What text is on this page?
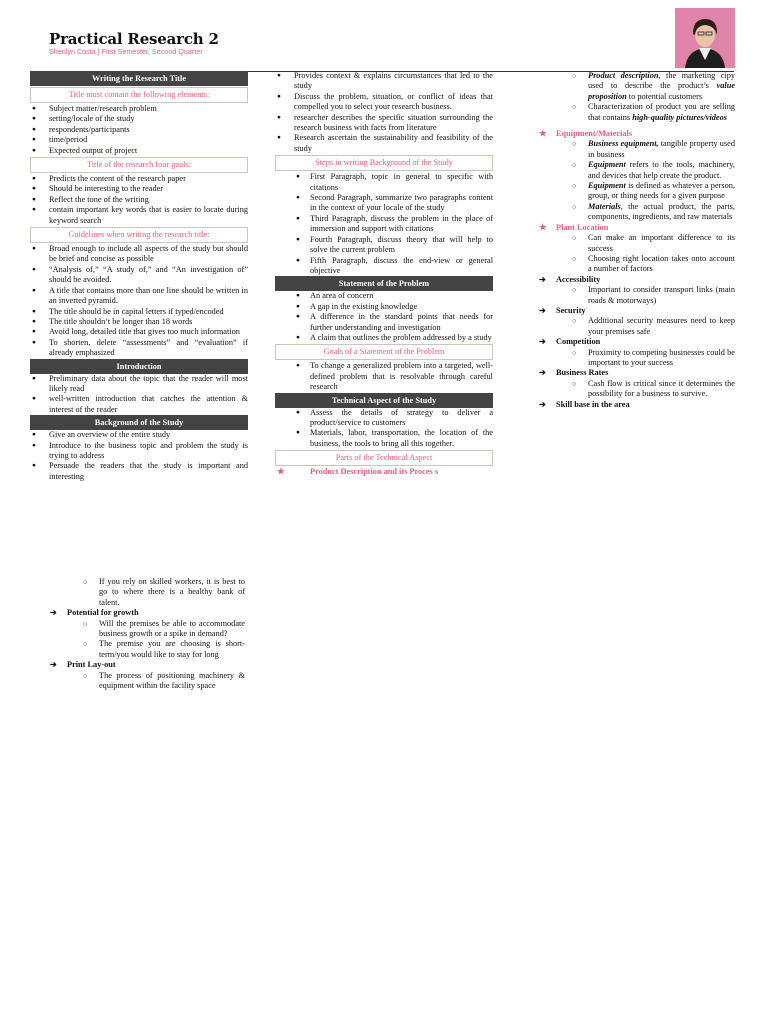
Practical Research 2
Sherilyn Costa | First Semester, Second Quarter
Writing the Research Title
Title must contain the following elements:
● Subject matter/research problem
● setting/locale of the study
● respondents/participants
● time/period
● Expected output of project
Title of the research four goals:
● Predicts the content of the research paper
● Should be interesting to the reader
● Reflect the tone of the writing
● contain important key words that is easier to locate during keyword search
Guidelines when writing the research title:
● Broad enough to include all aspects of the study but should be brief and concise as possible
● “Analysis of,” “A study of,” and “An investigation of” should be avoided.
● A title that contains more than one line should be written in an inverted pyramid.
● The title should be in capital letters if typed/encoded
● The title shouldn’t be longer than 18 words
● Avoid long, detailed title that gives too much information
● To shorten, delete “assessments” and “evaluation” if already emphasized
Introduction
● Preliminary data about the topic that the reader will most likely read
● well-written introduction that catches the attention & interest of the reader
Background of the Study
● Give an overview of the entire study
● Introduce to the business topic and problem the study is trying to address
● Persuade the readers that the study is important and interesting
● Provides context & explains circumstances that led to the study
● Discuss the problem, situation, or conflict of ideas that compelled you to select your research business.
● researcher describes the specific situation surrounding the research business with facts from literature
● Research ascertain the sustainability and feasibility of the study
Steps in writing Background of the Study
● First Paragraph, topic in general to specific with citations
● Second Paragraph, summarize two paragraphs content in the context of your locale of the study
● Third Paragraph, discuss the problem in the place of immersion and support with citations
● Fourth Paragraph, discuss theory that will help to solve the current problem
● Fifth Paragraph, discuss the end-view or general objective
Statement of the Problem
● An area of concern
● A gap in the existing knowledge
● A difference in the standard points that needs for further understanding and investigation
● A claim that outlines the problem addressed by a study
Goals of a Statement of the Problem
● To change a generalized problem into a targeted, well-defined problem that is resolvable through careful research
Technical Aspect of the Study
● Assess the details of strategy to deliver a product/service to customers
● Materials, labor, transportation, the location of the business, the tools to bring all this together.
Parts of the Technical Aspect
★ Product Description and its Proces s
○ Product description, the marketing cipy used to describe the product’s value proposition to potential customers
○ Characterization of product you are selling that contains high-quality pictures/videos
★ Equipment/Materials
○ Business equipment, tangible property used in business
○ Equipment refers to the tools, machinery, and devices that help create the product.
○ Equipment is defined as whatever a person, group, or thing needs for a given purpose
○ Materials, the actual product, the parts, components, ingredients, and raw materials
★ Plant Location
○ Can make an important difference to its success
○ Choosing right location takes onto account a number of factors
➔ Accessibility
○ Important to consider transport links (main roads & motorways)
➔ Security
○ Additional security measures need to keep your premises safe
➔ Competition
○ Proximity to competing businesses could be important to your success
➔ Business Rates
○ Cash flow is critical since it determines the possibility for a business to survive.
➔ Skill base in the area
○ If you rely on skilled workers, it is best to go to where there is a healthy bank of talent.
➔ Potential for growth
○ Will the premises be able to accommodate business growth or a spike in demand?
○ The premise you are choosing is short-term/you would like to stay for long
➔ Print Lay-out
○ The process of positioning machinery & equipment within the facility space
